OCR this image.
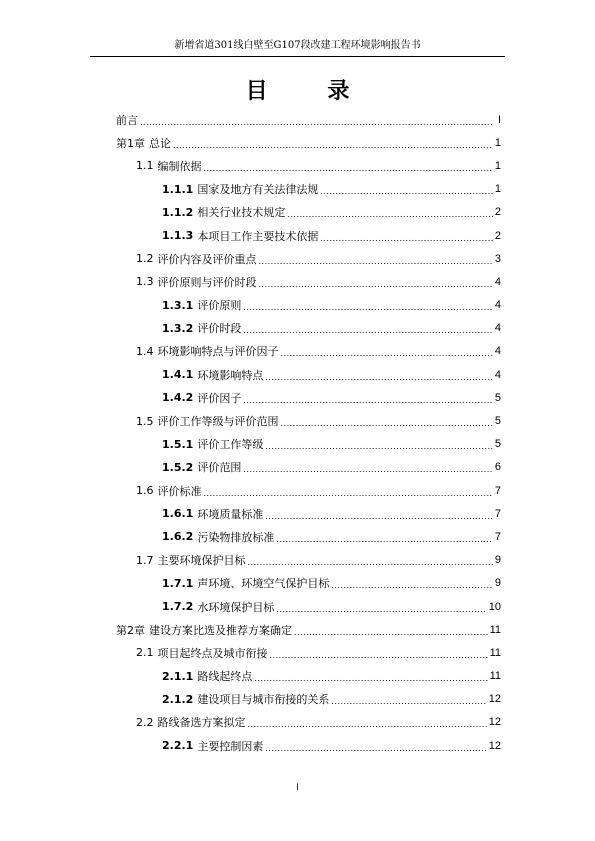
新增省道301线白壁至G107段改建工程环境影响报告书
目 录
前言 .....	I
第1章 总论 .....	1
1.1 编制依据 .....	1
1.1.1 国家及地方有关法律法规 .....	1
1.1.2 相关行业技术规定 .....	2
1.1.3 本项目工作主要技术依据 .....	2
1.2 评价内容及评价重点 .....	3
1.3 评价原则与评价时段 .....	4
1.3.1 评价原则 .....	4
1.3.2 评价时段 .....	4
1.4 环境影响特点与评价因子 .....	4
1.4.1 环境影响特点 .....	4
1.4.2 评价因子 .....	5
1.5 评价工作等级与评价范围 .....	5
1.5.1 评价工作等级 .....	5
1.5.2 评价范围 .....	6
1.6 评价标准 .....	7
1.6.1 环境质量标准 .....	7
1.6.2 污染物排放标准 .....	7
1.7 主要环境保护目标 .....	9
1.7.1 声环境、环境空气保护目标 .....	9
1.7.2 水环境保护目标 .....	10
第2章 建设方案比选及推荐方案确定 .....	11
2.1 项目起终点及城市衔接 .....	11
2.1.1 路线起终点 .....	11
2.1.2 建设项目与城市衔接的关系 .....	12
2.2 路线备选方案拟定 .....	12
2.2.1 主要控制因素 .....	12
I
